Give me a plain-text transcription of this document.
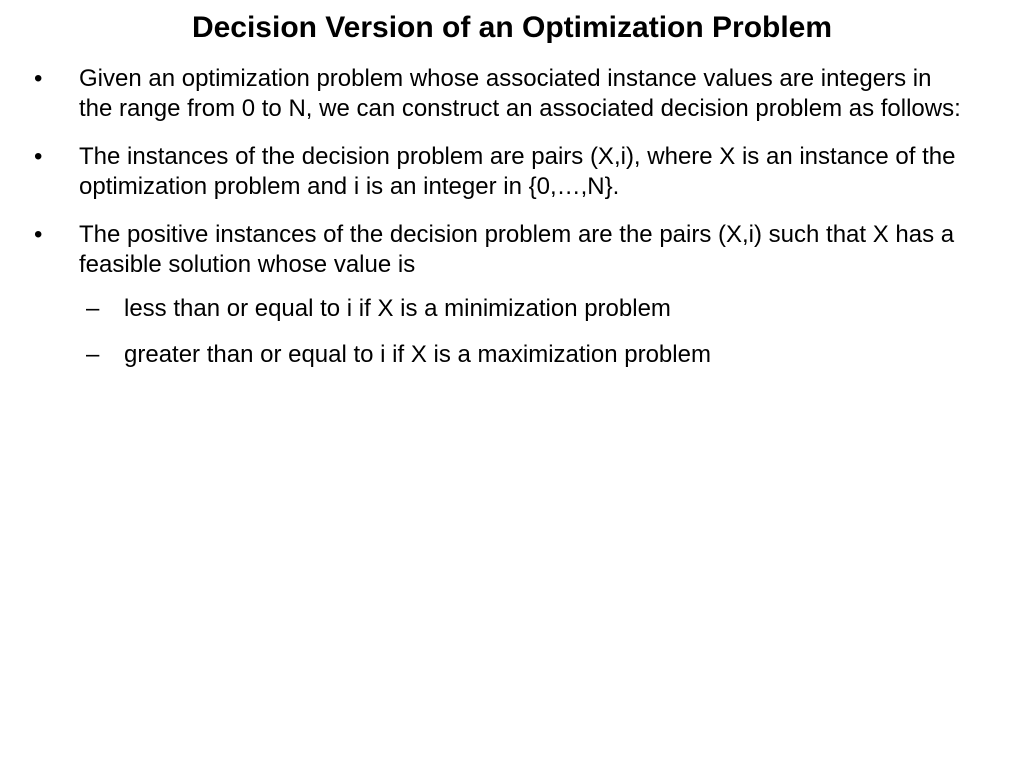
Decision Version of an Optimization Problem
• Given an optimization problem whose associated instance values are integers in the range from 0 to N, we can construct an associated decision problem as follows:
• The instances of the decision problem are pairs (X,i), where X is an instance of the optimization problem and i is an integer in {0,…,N}.
• The positive instances of the decision problem are the pairs (X,i) such that X has a feasible solution whose value is
– less than or equal to i if X is a minimization problem
– greater than or equal to i if X is a maximization problem
